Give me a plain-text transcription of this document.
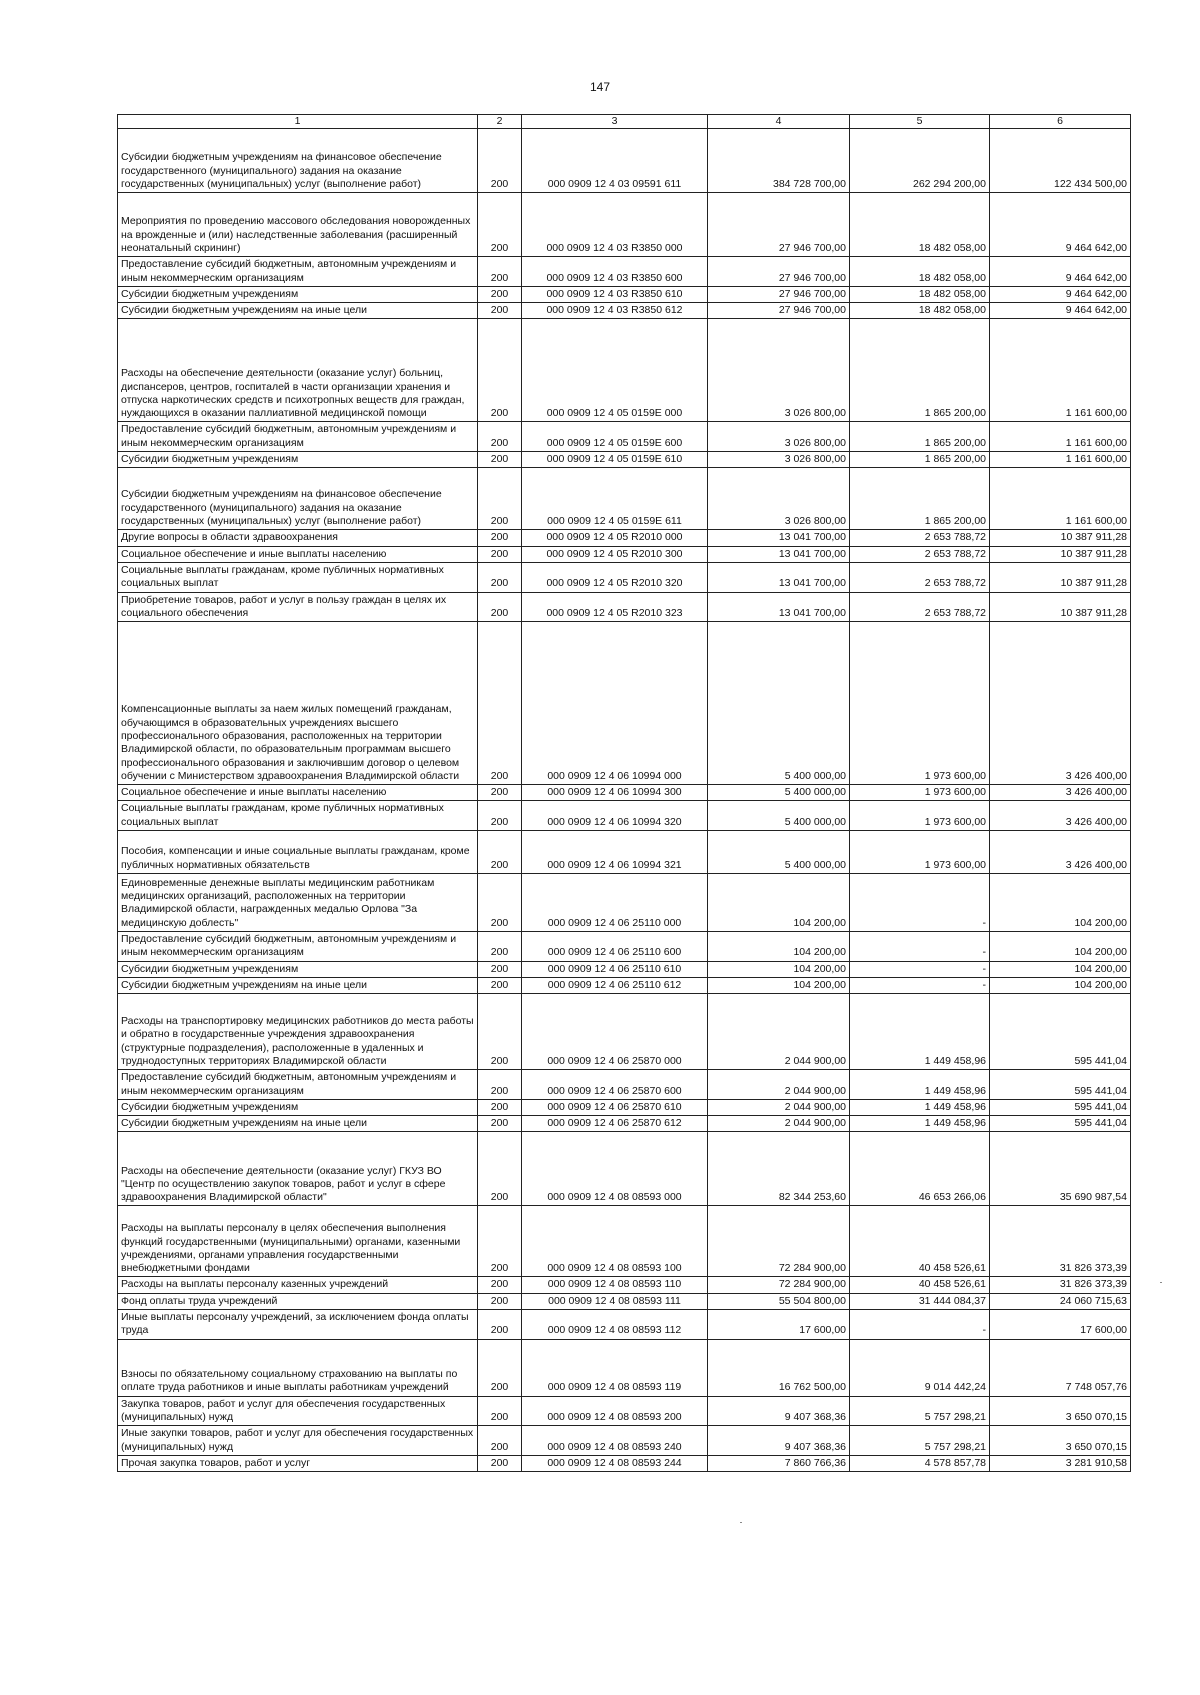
147
1	2	3	4	5	6
Субсидии бюджетным учреждениям на финансовое обеспечение государственного (муниципального) задания на оказание государственных (муниципальных) услуг (выполнение работ)	200	000 0909 12 4 03 09591 611	384 728 700,00	262 294 200,00	122 434 500,00
Мероприятия по проведению массового обследования новорожденных на врожденные и (или) наследственные заболевания (расширенный неонатальный скрининг)	200	000 0909 12 4 03 R3850 000	27 946 700,00	18 482 058,00	9 464 642,00
Предоставление субсидий бюджетным, автономным учреждениям и иным некоммерческим организациям	200	000 0909 12 4 03 R3850 600	27 946 700,00	18 482 058,00	9 464 642,00
Субсидии бюджетным учреждениям	200	000 0909 12 4 03 R3850 610	27 946 700,00	18 482 058,00	9 464 642,00
Субсидии бюджетным учреждениям на иные цели	200	000 0909 12 4 03 R3850 612	27 946 700,00	18 482 058,00	9 464 642,00
Расходы на обеспечение деятельности (оказание услуг) больниц, диспансеров, центров, госпиталей в части организации хранения и отпуска наркотических средств и психотропных веществ для граждан, нуждающихся в оказании паллиативной медицинской помощи	200	000 0909 12 4 05 0159E 000	3 026 800,00	1 865 200,00	1 161 600,00
Предоставление субсидий бюджетным, автономным учреждениям и иным некоммерческим организациям	200	000 0909 12 4 05 0159E 600	3 026 800,00	1 865 200,00	1 161 600,00
Субсидии бюджетным учреждениям	200	000 0909 12 4 05 0159E 610	3 026 800,00	1 865 200,00	1 161 600,00
Субсидии бюджетным учреждениям на финансовое обеспечение государственного (муниципального) задания на оказание государственных (муниципальных) услуг (выполнение работ)	200	000 0909 12 4 05 0159E 611	3 026 800,00	1 865 200,00	1 161 600,00
Другие вопросы в области здравоохранения	200	000 0909 12 4 05 R2010 000	13 041 700,00	2 653 788,72	10 387 911,28
Социальное обеспечение и иные выплаты населению	200	000 0909 12 4 05 R2010 300	13 041 700,00	2 653 788,72	10 387 911,28
Социальные выплаты гражданам, кроме публичных нормативных социальных выплат	200	000 0909 12 4 05 R2010 320	13 041 700,00	2 653 788,72	10 387 911,28
Приобретение товаров, работ и услуг в пользу граждан в целях их социального обеспечения	200	000 0909 12 4 05 R2010 323	13 041 700,00	2 653 788,72	10 387 911,28
Компенсационные выплаты за наем жилых помещений гражданам, обучающимся в образовательных учреждениях высшего профессионального образования, расположенных на территории Владимирской области, по образовательным программам высшего профессионального образования и заключившим договор о целевом обучении с Министерством здравоохранения Владимирской области	200	000 0909 12 4 06 10994 000	5 400 000,00	1 973 600,00	3 426 400,00
Социальное обеспечение и иные выплаты населению	200	000 0909 12 4 06 10994 300	5 400 000,00	1 973 600,00	3 426 400,00
Социальные выплаты гражданам, кроме публичных нормативных социальных выплат	200	000 0909 12 4 06 10994 320	5 400 000,00	1 973 600,00	3 426 400,00
Пособия, компенсации и иные социальные выплаты гражданам, кроме публичных нормативных обязательств	200	000 0909 12 4 06 10994 321	5 400 000,00	1 973 600,00	3 426 400,00
Единовременные денежные выплаты медицинским работникам медицинских организаций, расположенных на территории Владимирской области, награжденных медалью Орлова "За медицинскую доблесть"	200	000 0909 12 4 06 25110 000	104 200,00	-	104 200,00
Предоставление субсидий бюджетным, автономным учреждениям и иным некоммерческим организациям	200	000 0909 12 4 06 25110 600	104 200,00	-	104 200,00
Субсидии бюджетным учреждениям	200	000 0909 12 4 06 25110 610	104 200,00	-	104 200,00
Субсидии бюджетным учреждениям на иные цели	200	000 0909 12 4 06 25110 612	104 200,00	-	104 200,00
Расходы на транспортировку медицинских работников до места работы и обратно в государственные учреждения здравоохранения (структурные подразделения), расположенные в удаленных и труднодоступных территориях Владимирской области	200	000 0909 12 4 06 25870 000	2 044 900,00	1 449 458,96	595 441,04
Предоставление субсидий бюджетным, автономным учреждениям и иным некоммерческим организациям	200	000 0909 12 4 06 25870 600	2 044 900,00	1 449 458,96	595 441,04
Субсидии бюджетным учреждениям	200	000 0909 12 4 06 25870 610	2 044 900,00	1 449 458,96	595 441,04
Субсидии бюджетным учреждениям на иные цели	200	000 0909 12 4 06 25870 612	2 044 900,00	1 449 458,96	595 441,04
Расходы на обеспечение деятельности (оказание услуг) ГКУЗ ВО "Центр по осуществлению закупок товаров, работ и услуг в сфере здравоохранения Владимирской области"	200	000 0909 12 4 08 08593 000	82 344 253,60	46 653 266,06	35 690 987,54
Расходы на выплаты персоналу в целях обеспечения выполнения функций государственными (муниципальными) органами, казенными учреждениями, органами управления государственными внебюджетными фондами	200	000 0909 12 4 08 08593 100	72 284 900,00	40 458 526,61	31 826 373,39
Расходы на выплаты персоналу казенных учреждений	200	000 0909 12 4 08 08593 110	72 284 900,00	40 458 526,61	31 826 373,39
Фонд оплаты труда учреждений	200	000 0909 12 4 08 08593 111	55 504 800,00	31 444 084,37	24 060 715,63
Иные выплаты персоналу учреждений, за исключением фонда оплаты труда	200	000 0909 12 4 08 08593 112	17 600,00	-	17 600,00
Взносы по обязательному социальному страхованию на выплаты по оплате труда работников и иные выплаты работникам учреждений	200	000 0909 12 4 08 08593 119	16 762 500,00	9 014 442,24	7 748 057,76
Закупка товаров, работ и услуг для обеспечения государственных (муниципальных) нужд	200	000 0909 12 4 08 08593 200	9 407 368,36	5 757 298,21	3 650 070,15
Иные закупки товаров, работ и услуг для обеспечения государственных (муниципальных) нужд	200	000 0909 12 4 08 08593 240	9 407 368,36	5 757 298,21	3 650 070,15
Прочая закупка товаров, работ и услуг	200	000 0909 12 4 08 08593 244	7 860 766,36	4 578 857,78	3 281 910,58
